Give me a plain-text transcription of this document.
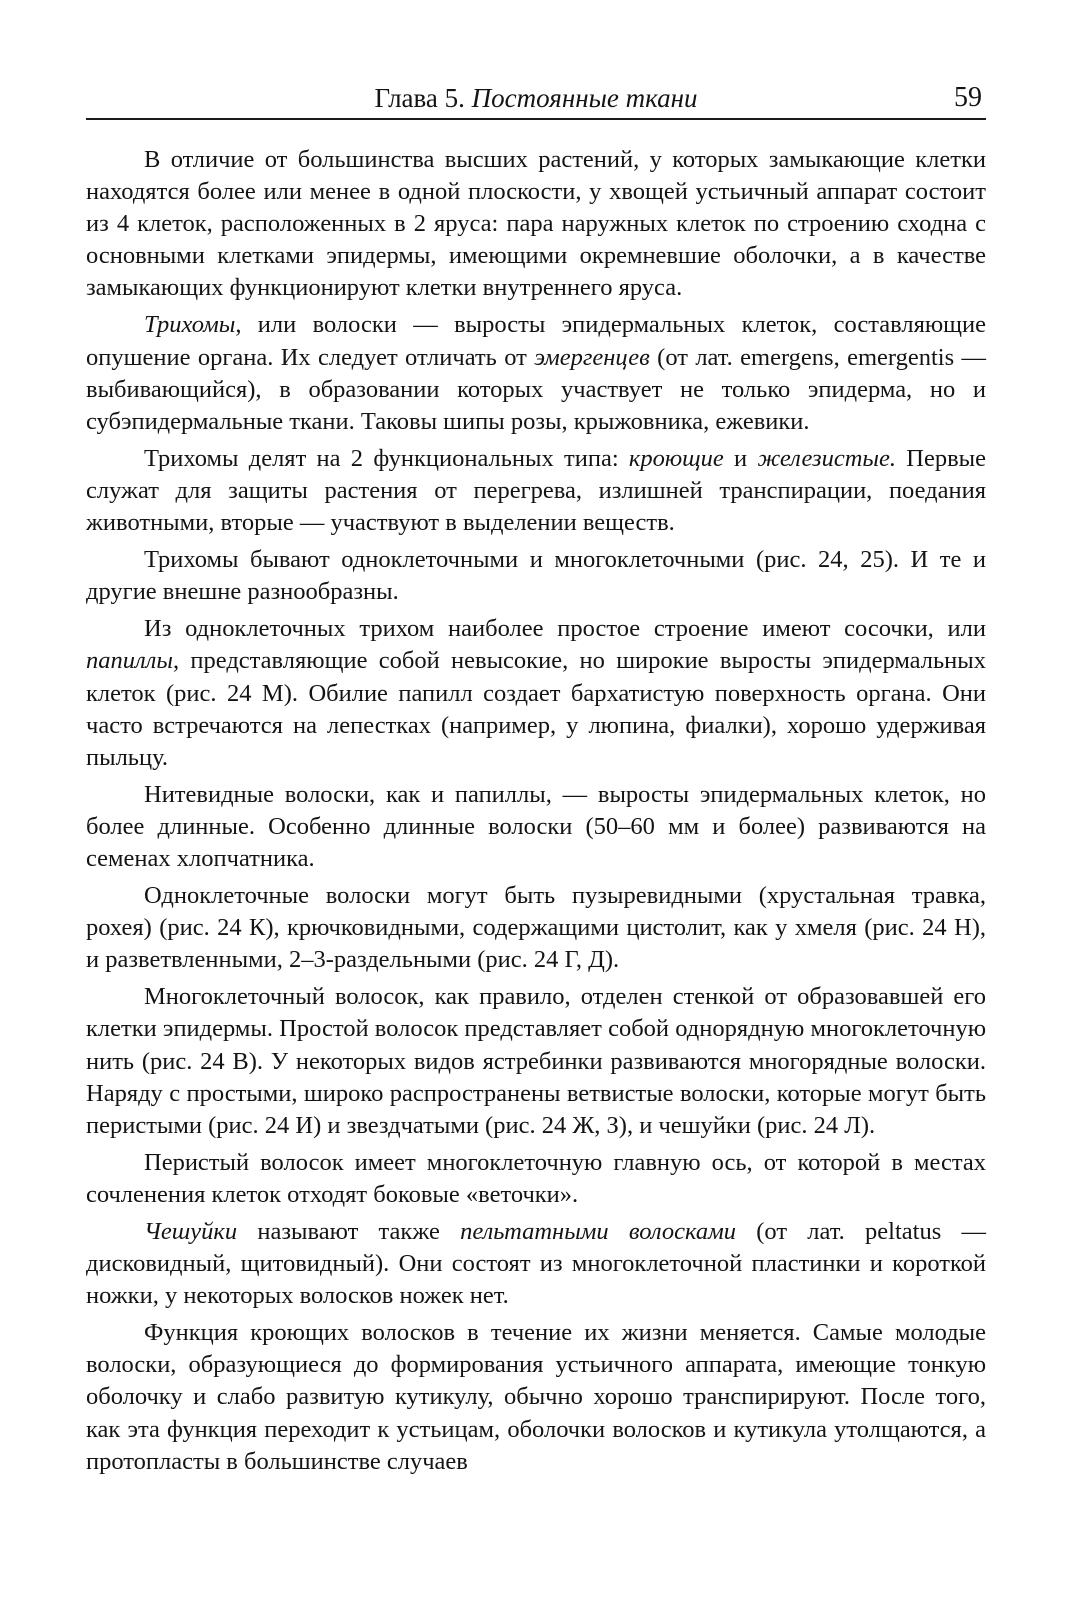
Глава 5. Постоянные ткани	59

В отличие от большинства высших растений, у которых замыкающие клетки находятся более или менее в одной плоскости, у хвощей устьичный аппарат состоит из 4 клеток, расположенных в 2 яруса: пара наружных клеток по строению сходна с основными клетками эпидермы, имеющими окремневшие оболочки, а в качестве замыкающих функционируют клетки внутреннего яруса.

Трихомы, или волоски — выросты эпидермальных клеток, составляющие опушение органа. Их следует отличать от эмергенцев (от лат. emergens, emergentis — выбивающийся), в образовании которых участвует не только эпидерма, но и субэпидермальные ткани. Таковы шипы розы, крыжовника, ежевики.

Трихомы делят на 2 функциональных типа: кроющие и железистые. Первые служат для защиты растения от перегрева, излишней транспирации, поедания животными, вторые — участвуют в выделении веществ.

Трихомы бывают одноклеточными и многоклеточными (рис. 24, 25). И те и другие внешне разнообразны.

Из одноклеточных трихом наиболее простое строение имеют сосочки, или папиллы, представляющие собой невысокие, но широкие выросты эпидермальных клеток (рис. 24 М). Обилие папилл создает бархатистую поверхность органа. Они часто встречаются на лепестках (например, у люпина, фиалки), хорошо удерживая пыльцу.

Нитевидные волоски, как и папиллы, — выросты эпидермальных клеток, но более длинные. Особенно длинные волоски (50–60 мм и более) развиваются на семенах хлопчатника.

Одноклеточные волоски могут быть пузыревидными (хрустальная травка, рохея) (рис. 24 К), крючковидными, содержащими цистолит, как у хмеля (рис. 24 Н), и разветвленными, 2–3-раздельными (рис. 24 Г, Д).

Многоклеточный волосок, как правило, отделен стенкой от образовавшей его клетки эпидермы. Простой волосок представляет собой однорядную многоклеточную нить (рис. 24 В). У некоторых видов ястребинки развиваются многорядные волоски. Наряду с простыми, широко распространены ветвистые волоски, которые могут быть перистыми (рис. 24 И) и звездчатыми (рис. 24 Ж, З), и чешуйки (рис. 24 Л).

Перистый волосок имеет многоклеточную главную ось, от которой в местах сочленения клеток отходят боковые «веточки».

Чешуйки называют также пельтатными волосками (от лат. peltatus — дисковидный, щитовидный). Они состоят из многоклеточной пластинки и короткой ножки, у некоторых волосков ножек нет.

Функция кроющих волосков в течение их жизни меняется. Самые молодые волоски, образующиеся до формирования устьичного аппарата, имеющие тонкую оболочку и слабо развитую кутикулу, обычно хорошо транспирируют. После того, как эта функция переходит к устьицам, оболочки волосков и кутикула утолщаются, а протопласты в большинстве случаев
